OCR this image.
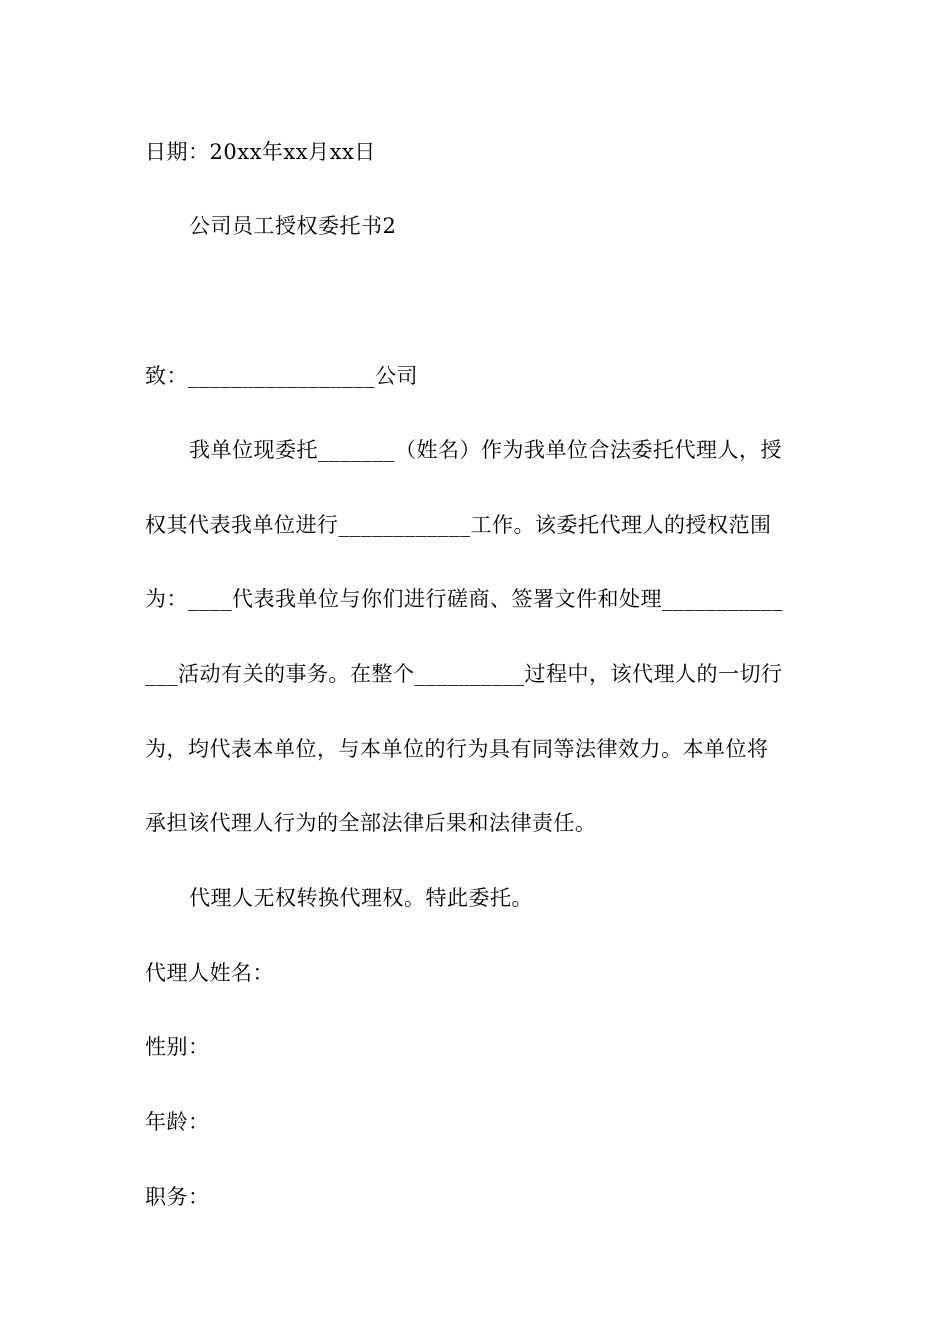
日期：20xx年xx月xx日
公司员工授权委托书2
致：_________________公司
我单位现委托_______（姓名）作为我单位合法委托代理人，授
权其代表我单位进行____________工作。该委托代理人的授权范围
为：____代表我单位与你们进行磋商、签署文件和处理___________
___活动有关的事务。在整个__________过程中，该代理人的一切行
为，均代表本单位，与本单位的行为具有同等法律效力。本单位将
承担该代理人行为的全部法律后果和法律责任。
代理人无权转换代理权。特此委托。
代理人姓名：
性别：
年龄：
职务：
